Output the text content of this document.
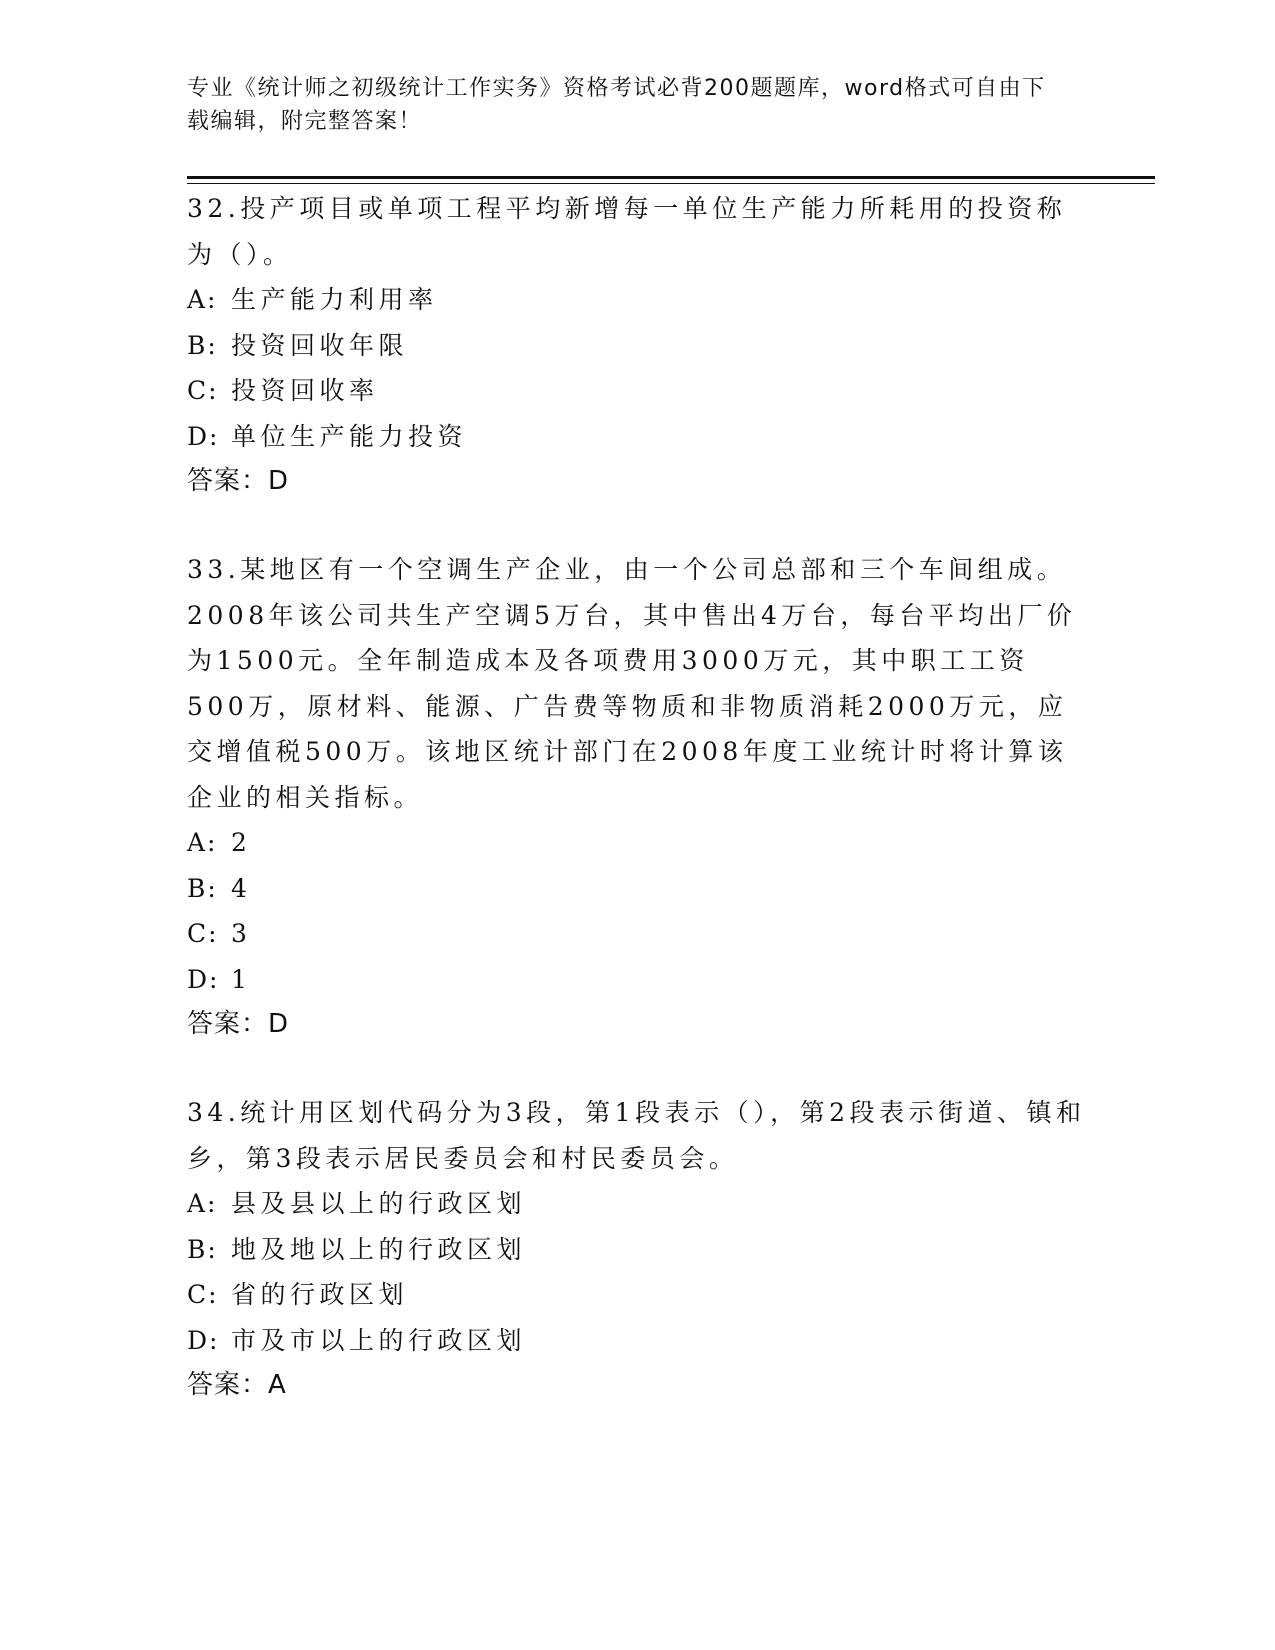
专业《统计师之初级统计工作实务》资格考试必背200题题库，word格式可自由下载编辑，附完整答案！

32.投产项目或单项工程平均新增每一单位生产能力所耗用的投资称为（）。

A: 生产能力利用率

B: 投资回收年限

C: 投资回收率

D: 单位生产能力投资

答案：D

33.某地区有一个空调生产企业，由一个公司总部和三个车间组成。2008年该公司共生产空调5万台，其中售出4万台，每台平均出厂价为1500元。全年制造成本及各项费用3000万元，其中职工工资500万，原材料、能源、广告费等物质和非物质消耗2000万元，应交增值税500万。该地区统计部门在2008年度工业统计时将计算该企业的相关指标。

A: 2

B: 4

C: 3

D: 1

答案：D

34.统计用区划代码分为3段，第1段表示（），第2段表示街道、镇和乡，第3段表示居民委员会和村民委员会。

A: 县及县以上的行政区划

B: 地及地以上的行政区划

C: 省的行政区划

D: 市及市以上的行政区划

答案：A
